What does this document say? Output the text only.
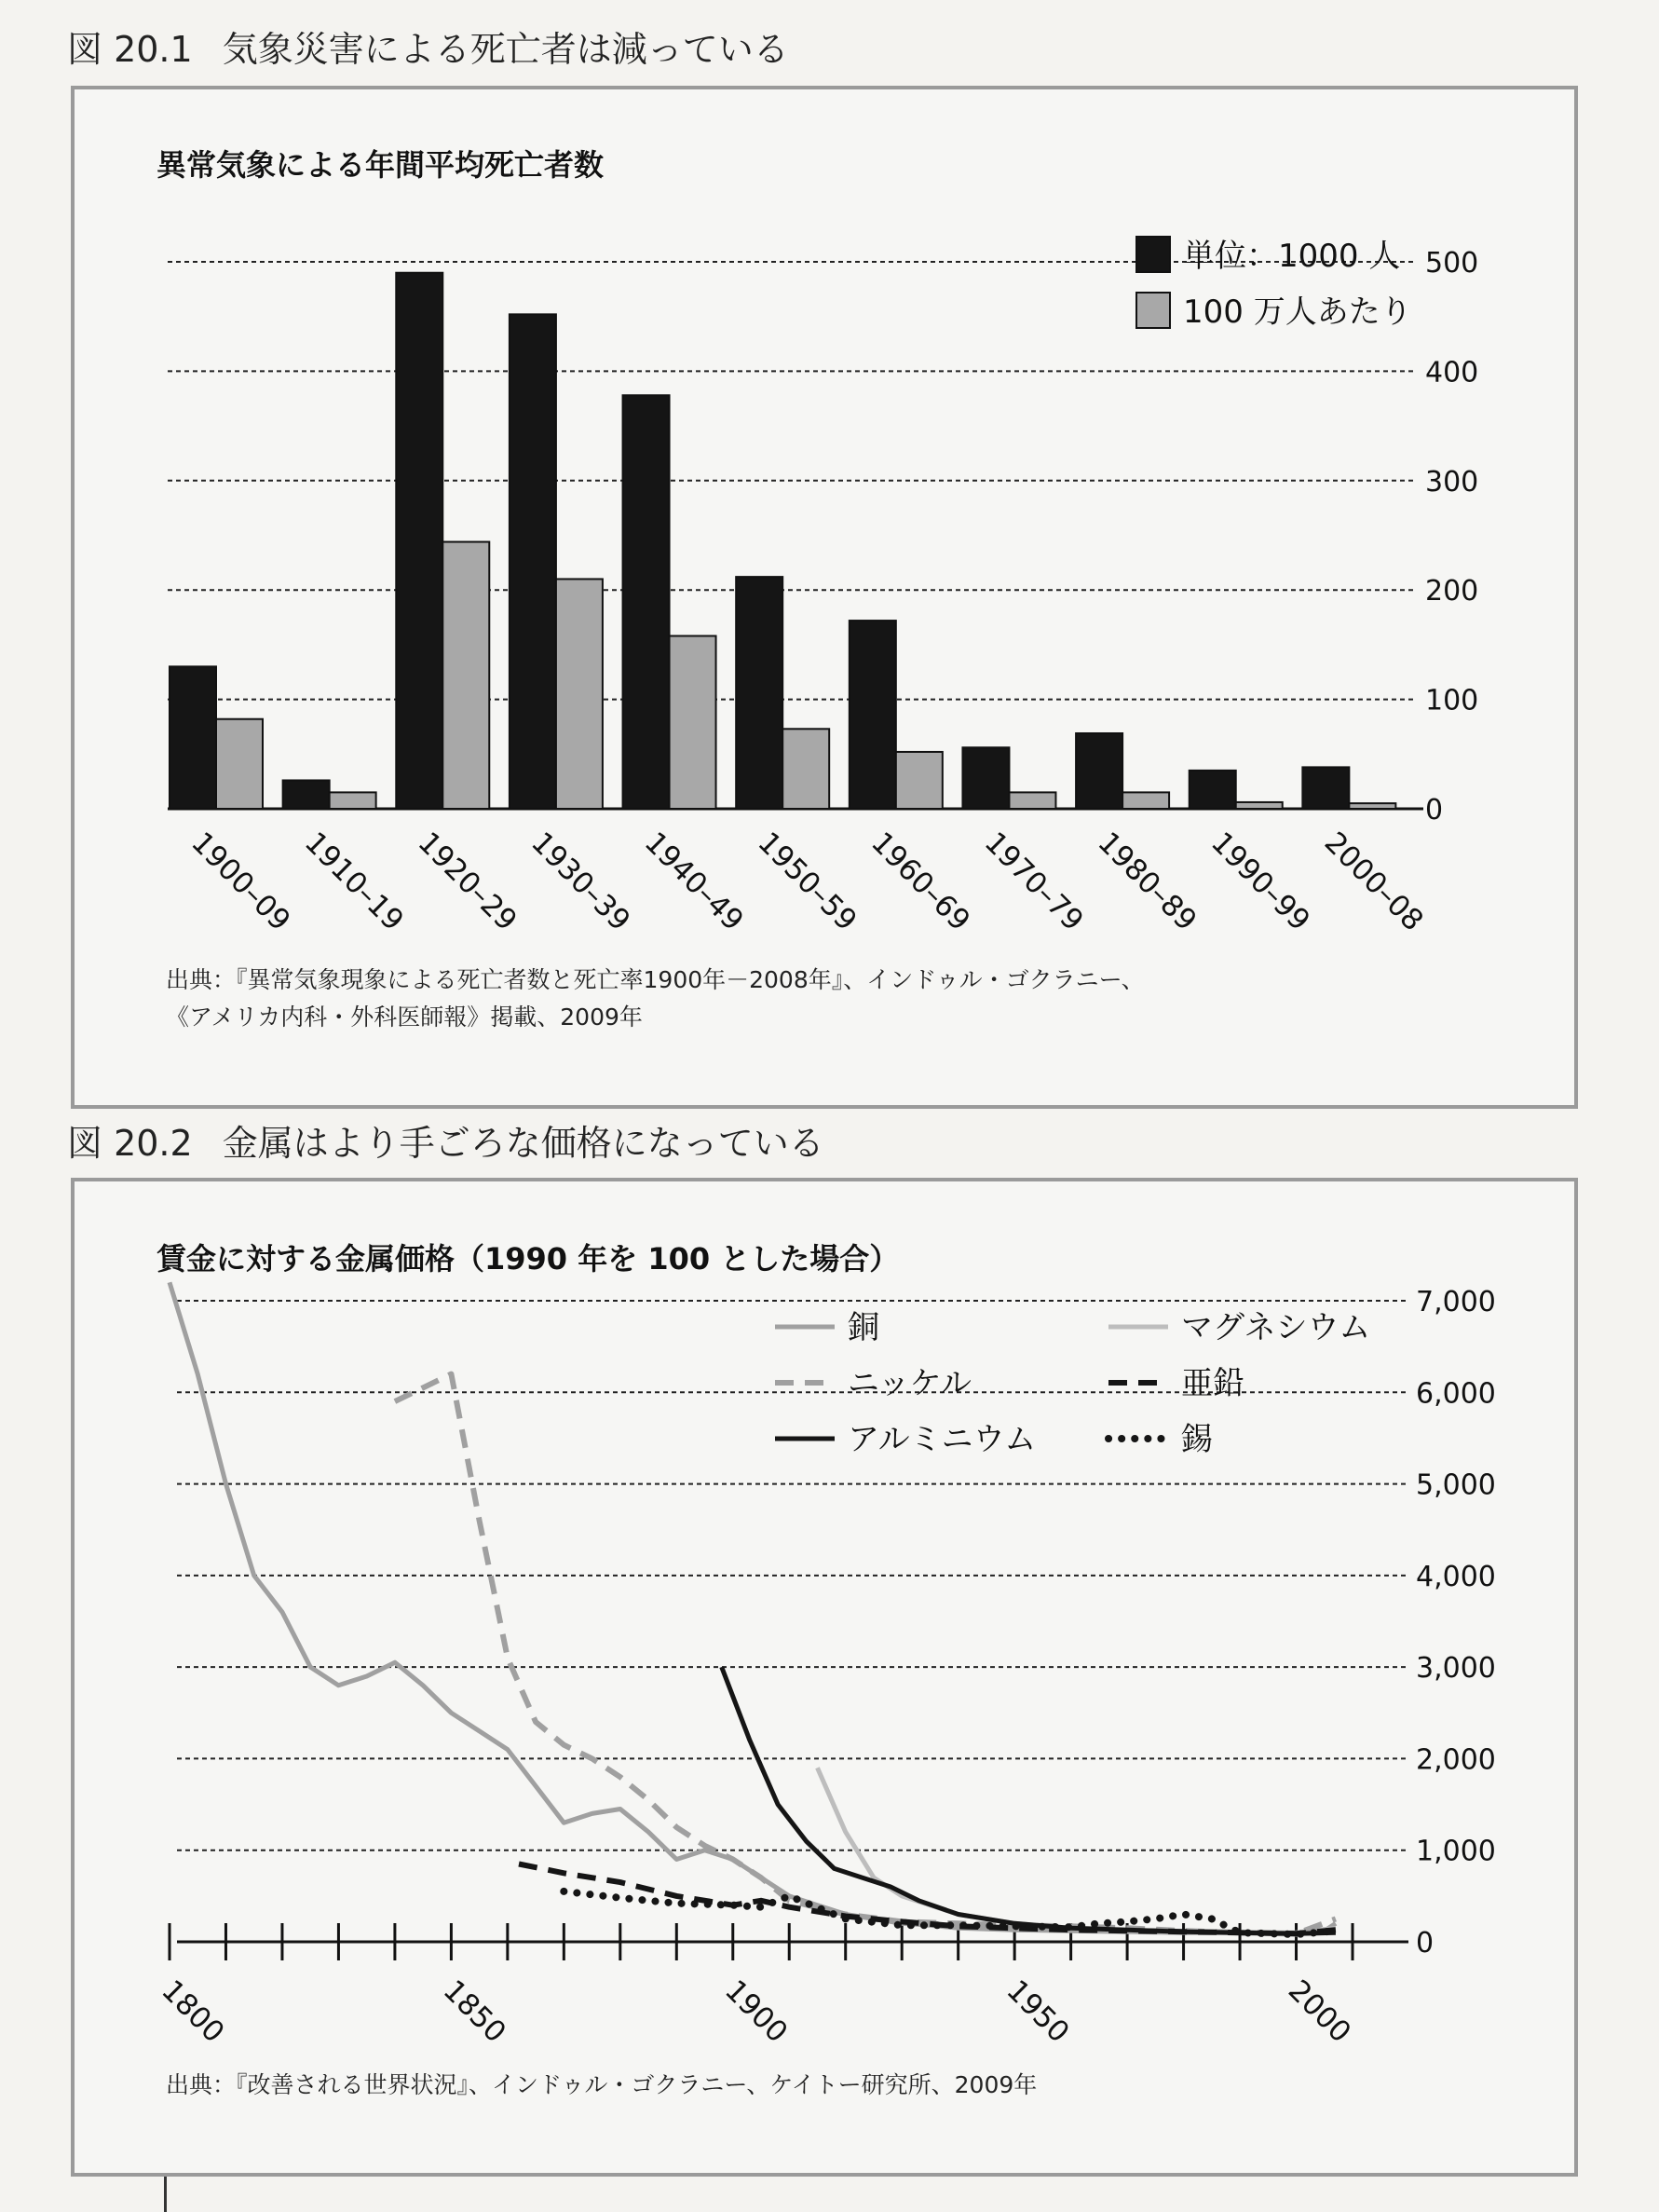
図 20.1 気象災害による死亡者は減っている
異常気象による年間平均死亡者数
0
100
200
300
400
500
1900–09 1910–19 1920–29 1930–39 1940–49 1950–59 1960–69 1970–79 1980–89 1990–99 2000–08
単位：1000 人
100 万人あたり
出典：『異常気象現象による死亡者数と死亡率1900年－2008年』、インドゥル・ゴクラニー、
《アメリカ内科・外科医師報》掲載、2009年
図 20.2 金属はより手ごろな価格になっている
賃金に対する金属価格（1990 年を 100 とした場合）
0
1,000
2,000
3,000
4,000
5,000
6,000
7,000
1800	1850	1900	1950	2000
銅
ニッケル
アルミニウム
マグネシウム
亜鉛
錫
出典：『改善される世界状況』、インドゥル・ゴクラニー、ケイトー研究所、2009年
